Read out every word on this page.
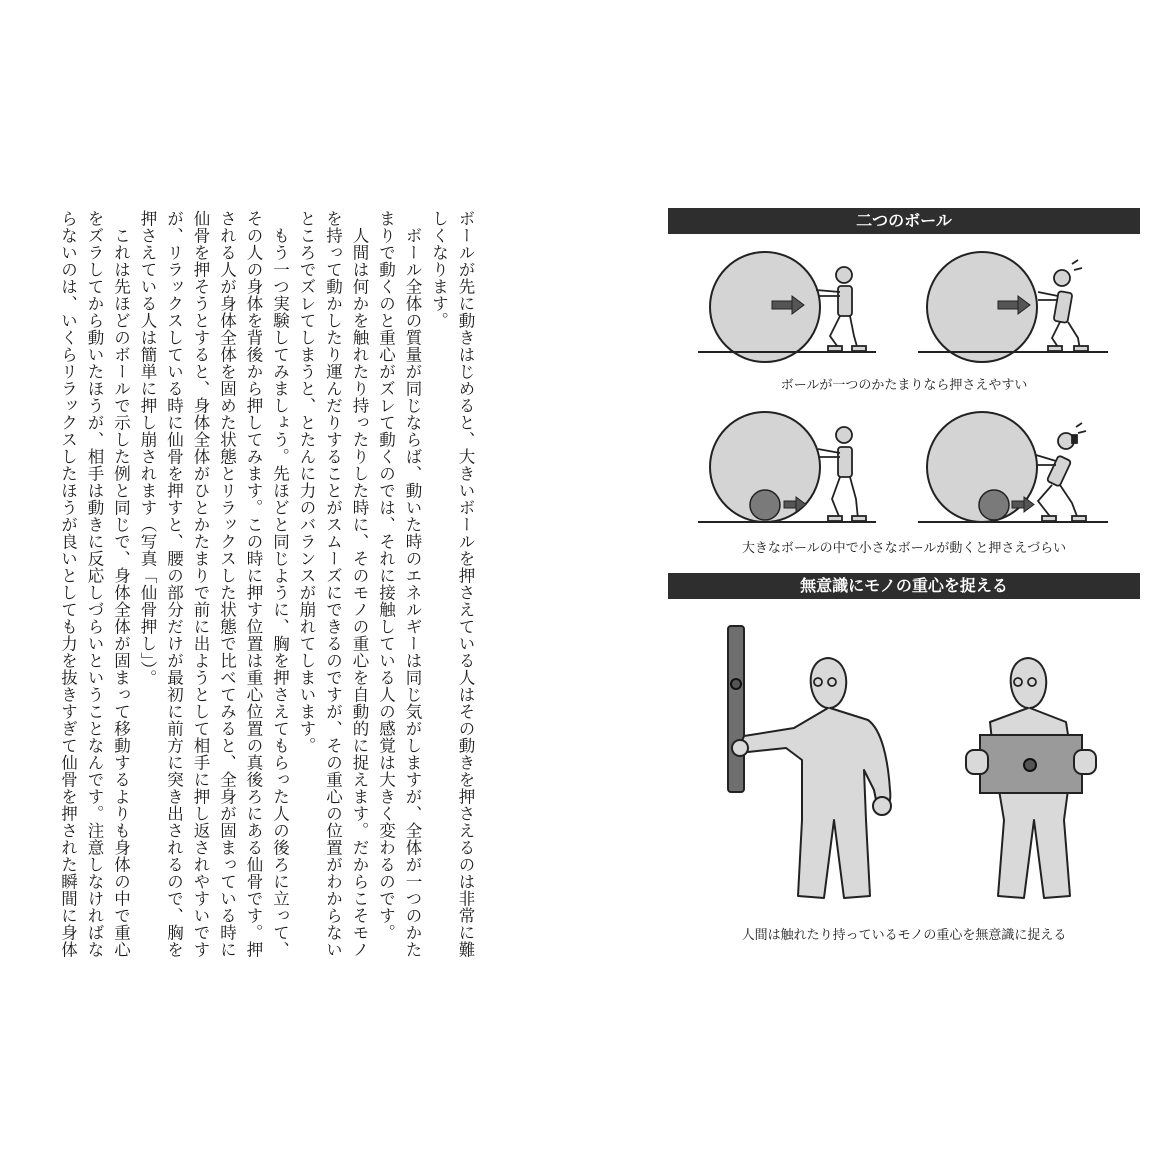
ボールが先に動きはじめると、大きいボールを押さえている人はその動きを押さえるのは非常に難しくなります。

ボール全体の質量が同じならば、動いた時のエネルギーは同じ気がしますが、全体が一つのかたまりで動くのと重心がズレて動くのでは、それに接触している人の感覚は大きく変わるのです。

人間は何かを触れたり持ったりした時に、そのモノの重心を自動的に捉えます。だからこそモノを持って動かしたり運んだりすることがスムーズにできるのですが、その重心の位置がわからないところでズレてしまうと、とたんに力のバランスが崩れてしまいます。

もう一つ実験してみましょう。先ほどと同じように、胸を押さえてもらった人の後ろに立って、その人の身体を背後から押してみます。この時に押す位置は重心位置の真後ろにある仙骨です。押される人が身体全体を固めた状態とリラックスした状態で比べてみると、全身が固まっている時に仙骨を押そうとすると、身体全体がひとかたまりで前に出ようとして相手に押し返されやすいですが、リラックスしている時に仙骨を押すと、腰の部分だけが最初に前方に突き出されるので、胸を押さえている人は簡単に押し崩されます（写真「仙骨押し」）。

これは先ほどのボールで示した例と同じで、身体全体が固まって移動するよりも身体の中で重心をズラしてから動いたほうが、相手は動きに反応しづらいということなんです。注意しなければならないのは、いくらリラックスしたほうが良いとしても力を抜きすぎて仙骨を押された瞬間に身体	二つのボール
ボールが一つのかたまりなら押さえやすい
大きなボールの中で小さなボールが動くと押さえづらい
無意識にモノの重心を捉える
人間は触れたり持っているモノの重心を無意識に捉える
